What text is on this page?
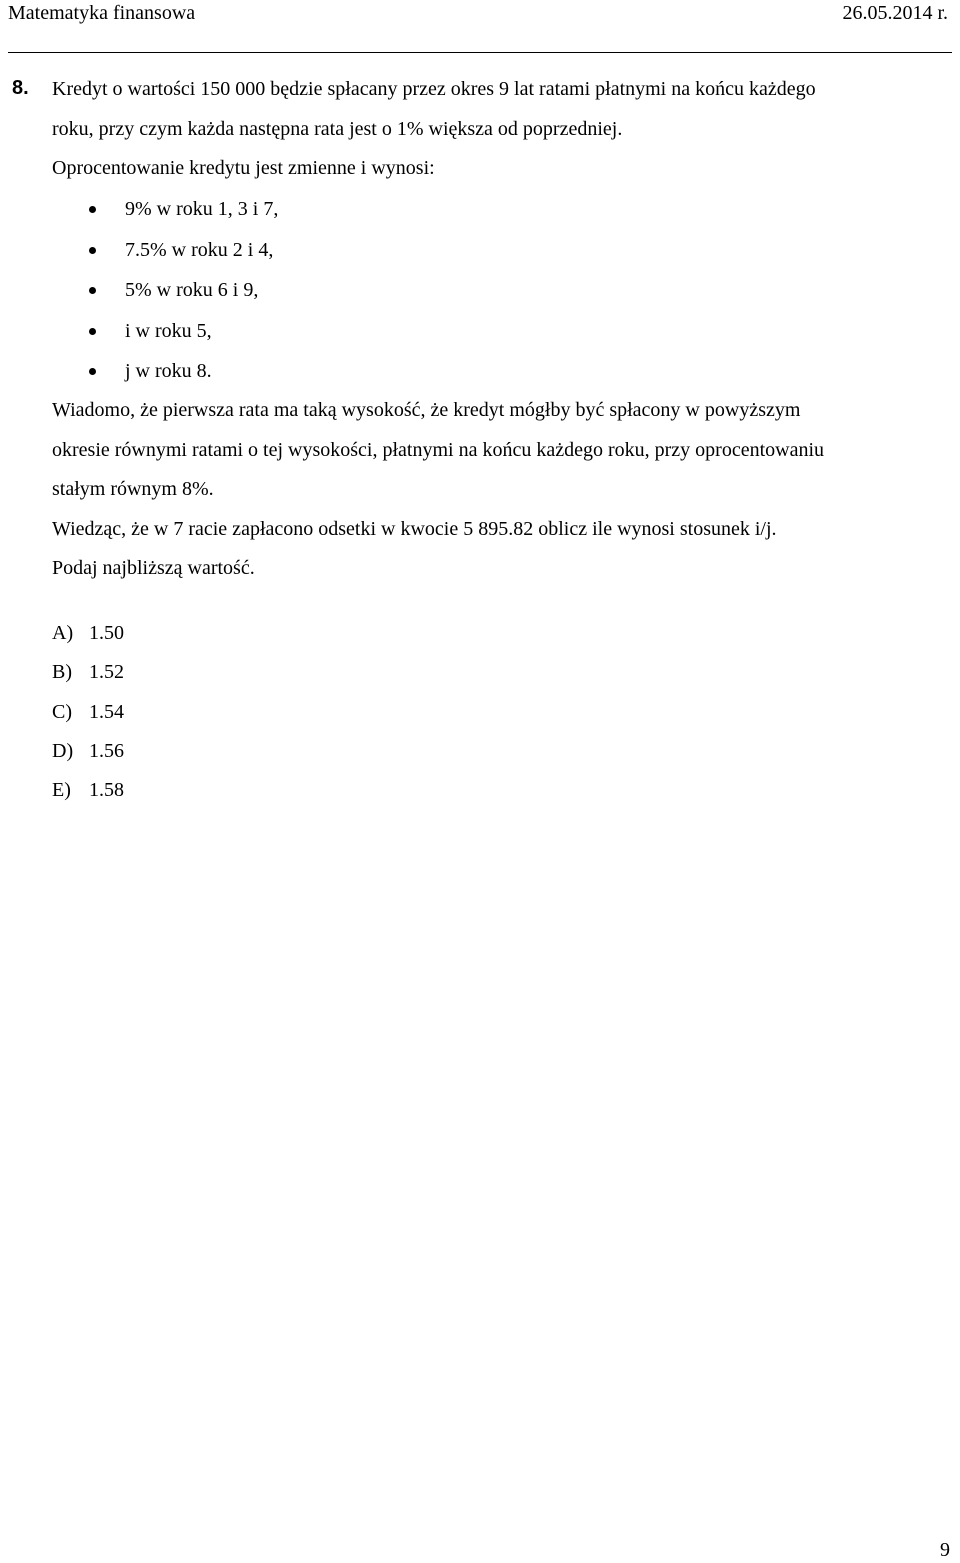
Matematyka finansowa	26.05.2014 r.
8. Kredyt o wartości 150 000 będzie spłacany przez okres 9 lat ratami płatnymi na końcu każdego
roku, przy czym każda następna rata jest o 1% większa od poprzedniej.
Oprocentowanie kredytu jest zmienne i wynosi:
9% w roku 1, 3 i 7,
7.5% w roku 2 i 4,
5% w roku 6 i 9,
i w roku 5,
j w roku 8.
Wiadomo, że pierwsza rata ma taką wysokość, że kredyt mógłby być spłacony w powyższym
okresie równymi ratami o tej wysokości, płatnymi na końcu każdego roku, przy oprocentowaniu
stałym równym 8%.
Wiedząc, że w 7 racie zapłacono odsetki w kwocie 5 895.82 oblicz ile wynosi stosunek i/j.
Podaj najbliższą wartość.
A) 1.50
B) 1.52
C) 1.54
D) 1.56
E) 1.58
9
